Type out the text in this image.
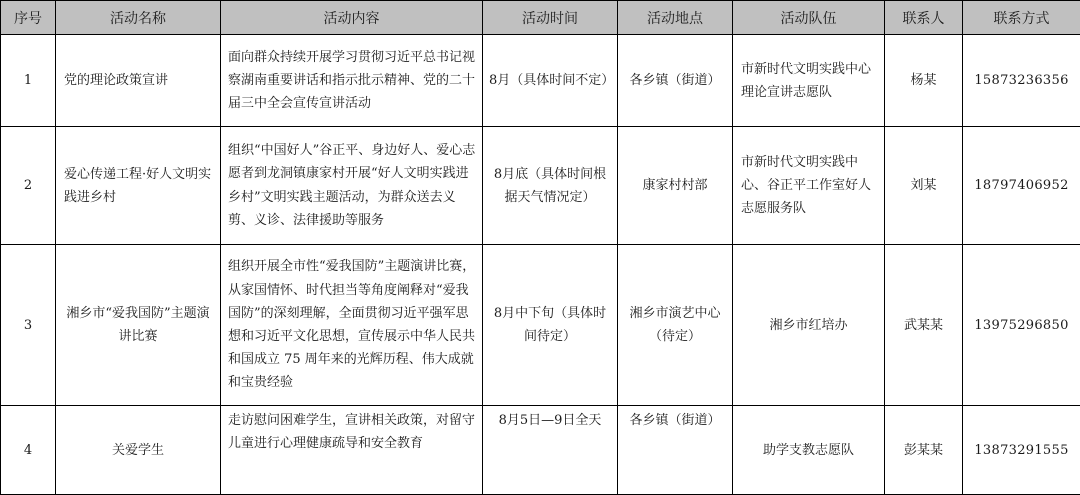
序号	活动名称	活动内容	活动时间	活动地点	活动队伍	联系人	联系方式
1	党的理论政策宣讲	面向群众持续开展学习贯彻习近平总书记视察湖南重要讲话和指示批示精神、党的二十届三中全会宣传宣讲活动	8月（具体时间不定）	各乡镇（街道）	市新时代文明实践中心理论宣讲志愿队	杨某	15873236356
2	爱心传递工程·好人文明实践进乡村	组织“中国好人”谷正平、身边好人、爱心志愿者到龙洞镇康家村开展“好人文明实践进乡村”文明实践主题活动，为群众送去义剪、义诊、法律援助等服务	8月底（具体时间根据天气情况定）	康家村村部	市新时代文明实践中心、谷正平工作室好人志愿服务队	刘某	18797406952
3	湘乡市“爱我国防”主题演讲比赛	组织开展全市性“爱我国防”主题演讲比赛，从家国情怀、时代担当等角度阐释对“爱我国防”的深刻理解，全面贯彻习近平强军思想和习近平文化思想，宣传展示中华人民共和国成立 75 周年来的光辉历程、伟大成就和宝贵经验	8月中下旬（具体时间待定）	湘乡市演艺中心（待定）	湘乡市红培办	武某某	13975296850
4	关爱学生	走访慰问困难学生，宣讲相关政策，对留守儿童进行心理健康疏导和安全教育	8月5日—9日全天	各乡镇（街道）	助学支教志愿队	彭某某	13873291555
